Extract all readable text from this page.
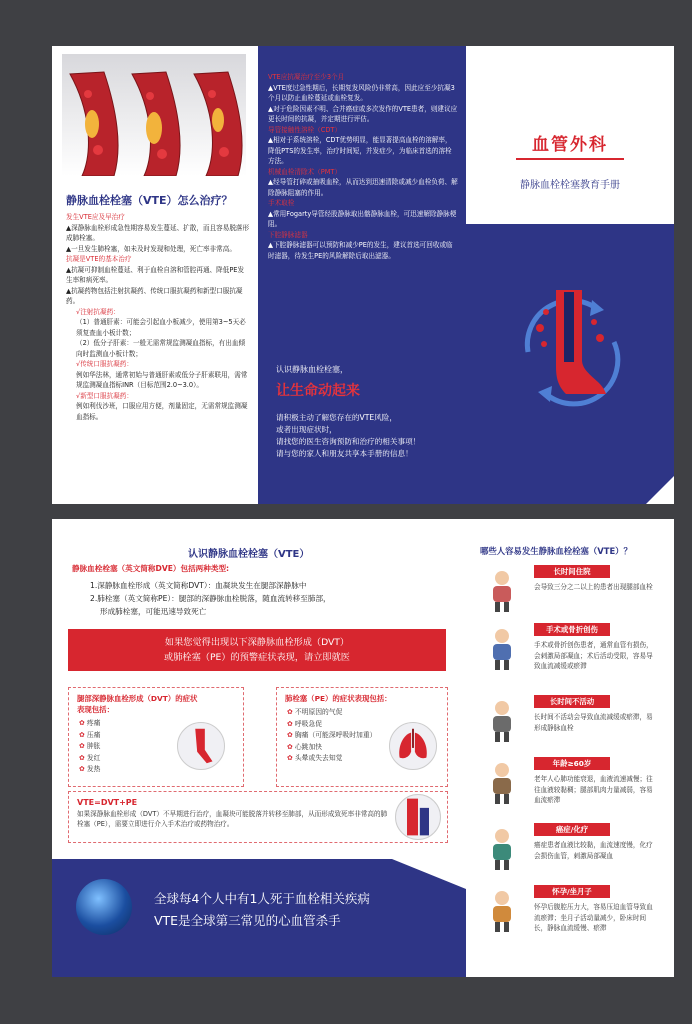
静脉血栓栓塞（VTE）怎么治疗？

发生VTE应及早治疗

▲深静脉血栓形成急性期容易发生蔓延、扩散，而且容易脱落形成肺栓塞。

▲一旦发生肺栓塞，如未及时发现和处理，死亡率非常高。

抗凝是VTE的基本治疗

▲抗凝可抑制血栓蔓延、利于血栓自溶和管腔再通、降低PE发生率和病死率。

▲抗凝药物包括注射抗凝药、传统口服抗凝药和新型口服抗凝药。

√注射抗凝药：

（1）普通肝素：可能会引起血小板减少，使用第3~5天必须复查血小板计数；

（2）低分子肝素：一般无需常规监测凝血指标，有出血倾向时监测血小板计数；

√传统口服抗凝药：

例如华法林，通常初始与普通肝素或低分子肝素联用，需常规监测凝血指标INR（目标范围2.0~3.0）。

√新型口服抗凝药：

例如利伐沙班，口服应用方便，剂量固定，无需常规监测凝血指标。

VTE应抗凝治疗至少3个月

▲VTE度过急性期后，长期复发风险仍非常高，因此应至少抗凝3个月以防止血栓蔓延或血栓复发。

▲对于危险因素不明、合并癌症或多次发作的VTE患者，则建议应更长时间的抗凝，并定期进行评估。

导管接触性溶栓（CDT）

▲相对于系统溶栓，CDT优势明显，能显著提高血栓的溶解率，降低PTS的发生率，治疗时间短，并发症少，为临床首选的溶栓方法。

机械血栓清除术（PMT）

▲经导管打碎或抽吸血栓，从而达到迅速清除或减少血栓负荷、解除静脉阻塞的作用。

手术取栓

▲常用Fogarty导管经股静脉取出髂静脉血栓，可迅速解除静脉梗阻。

下腔静脉滤器

▲下腔静脉滤器可以预防和减少PE的发生，建议首选可回收或临时滤器，待发生PE的风险解除后取出滤器。

认识静脉血栓栓塞，
让生命动起来

请积极主动了解您存在的VTE风险，

或者出现症状时，

请找您的医生咨询预防和治疗的相关事项！

请与您的家人和朋友共享本手册的信息！

血管外科
静脉血栓栓塞教育手册
认识静脉血栓栓塞（VTE）
静脉血栓栓塞（英文简称DVE）包括两种类型:

1.深静脉血栓形成（英文简称DVT）：血凝块发生在腿部深静脉中

2.肺栓塞（英文简称PE）：腿部的深静脉血栓脱落，随血流转移至肺部，

形成肺栓塞，可能迅速导致死亡

如果您觉得出现以下深静脉血栓形成（DVT）
或肺栓塞（PE）的预警症状表现，请立即就医
腿部深静脉血栓形成（DVT）的症状
表现包括：
✿ 疼痛
✿ 压痛
✿ 肿胀
✿ 发红
✿ 发热
肺栓塞（PE）的症状表现包括：
✿ 不明原因的气促
✿ 呼吸急促
✿ 胸痛（可能深呼吸时加重）
✿ 心跳加快
✿ 头晕或失去知觉
VTE=DVT+PE
如果深静脉血栓形成（DVT）不早期进行治疗，血凝块可能脱落并转移至肺部，从而形成致死率非常高的肺栓塞（PE），需要立即进行介入手术治疗或药物治疗。
全球每4个人中有1人死于血栓相关疾病
VTE是全球第三常见的心血管杀手
哪些人容易发生静脉血栓栓塞（VTE）？
长时间住院
会导致三分之二以上的患者出现腿部血栓
手术或骨折创伤
手术或骨折创伤患者，通常血管有损伤，会刺激局部凝血；术后活动受限，容易导致血流减缓或瘀滞
长时间不活动
长时间不活动会导致血流减缓或瘀滞，易形成静脉血栓
年龄≥60岁
老年人心肺功能衰退，血液流速减慢；往往血液较黏稠；腿部肌肉力量减弱，容易血流瘀滞
癌症/化疗
癌症患者血液比较黏，血流速度慢，化疗会损伤血管，刺激局部凝血
怀孕/坐月子
怀孕后腹腔压力大，容易压迫血管导致血流瘀滞；坐月子活动量减少，卧床时间长，静脉血流缓慢、瘀滞
